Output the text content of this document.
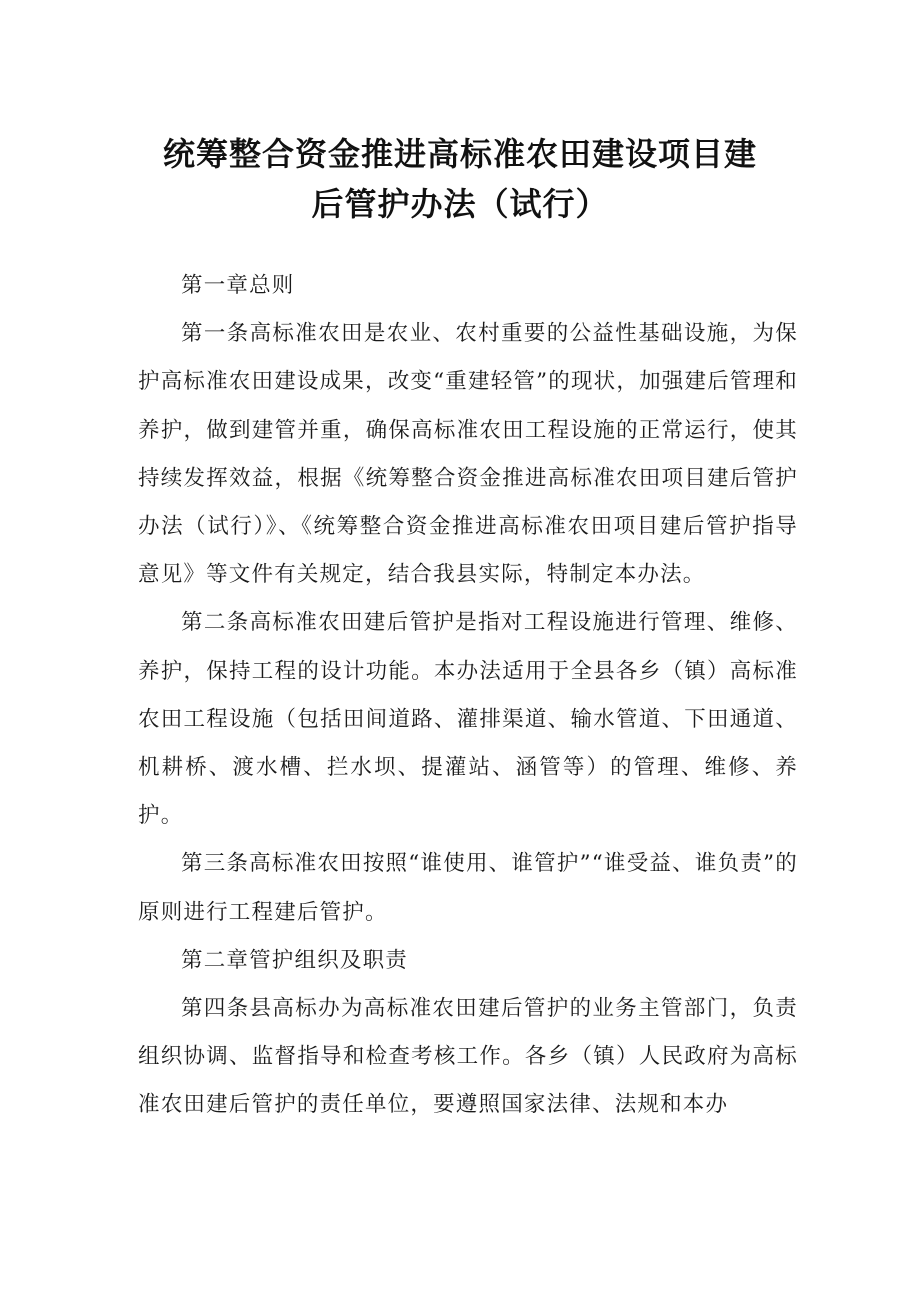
统筹整合资金推进高标准农田建设项目建
后管护办法（试行）

第一章总则

第一条高标准农田是农业、农村重要的公益性基础设施，为保护高标准农田建设成果，改变“重建轻管”的现状，加强建后管理和养护，做到建管并重，确保高标准农田工程设施的正常运行，使其持续发挥效益，根据《统筹整合资金推进高标准农田项目建后管护办法（试行）》、《统筹整合资金推进高标准农田项目建后管护指导意见》等文件有关规定，结合我县实际，特制定本办法。

第二条高标准农田建后管护是指对工程设施进行管理、维修、养护，保持工程的设计功能。本办法适用于全县各乡（镇）高标准农田工程设施（包括田间道路、灌排渠道、输水管道、下田通道、机耕桥、渡水槽、拦水坝、提灌站、涵管等）的管理、维修、养护。

第三条高标准农田按照“谁使用、谁管护”“谁受益、谁负责”的原则进行工程建后管护。

第二章管护组织及职责

第四条县高标办为高标准农田建后管护的业务主管部门，负责组织协调、监督指导和检查考核工作。各乡（镇）人民政府为高标准农田建后管护的责任单位，要遵照国家法律、法规和本办
